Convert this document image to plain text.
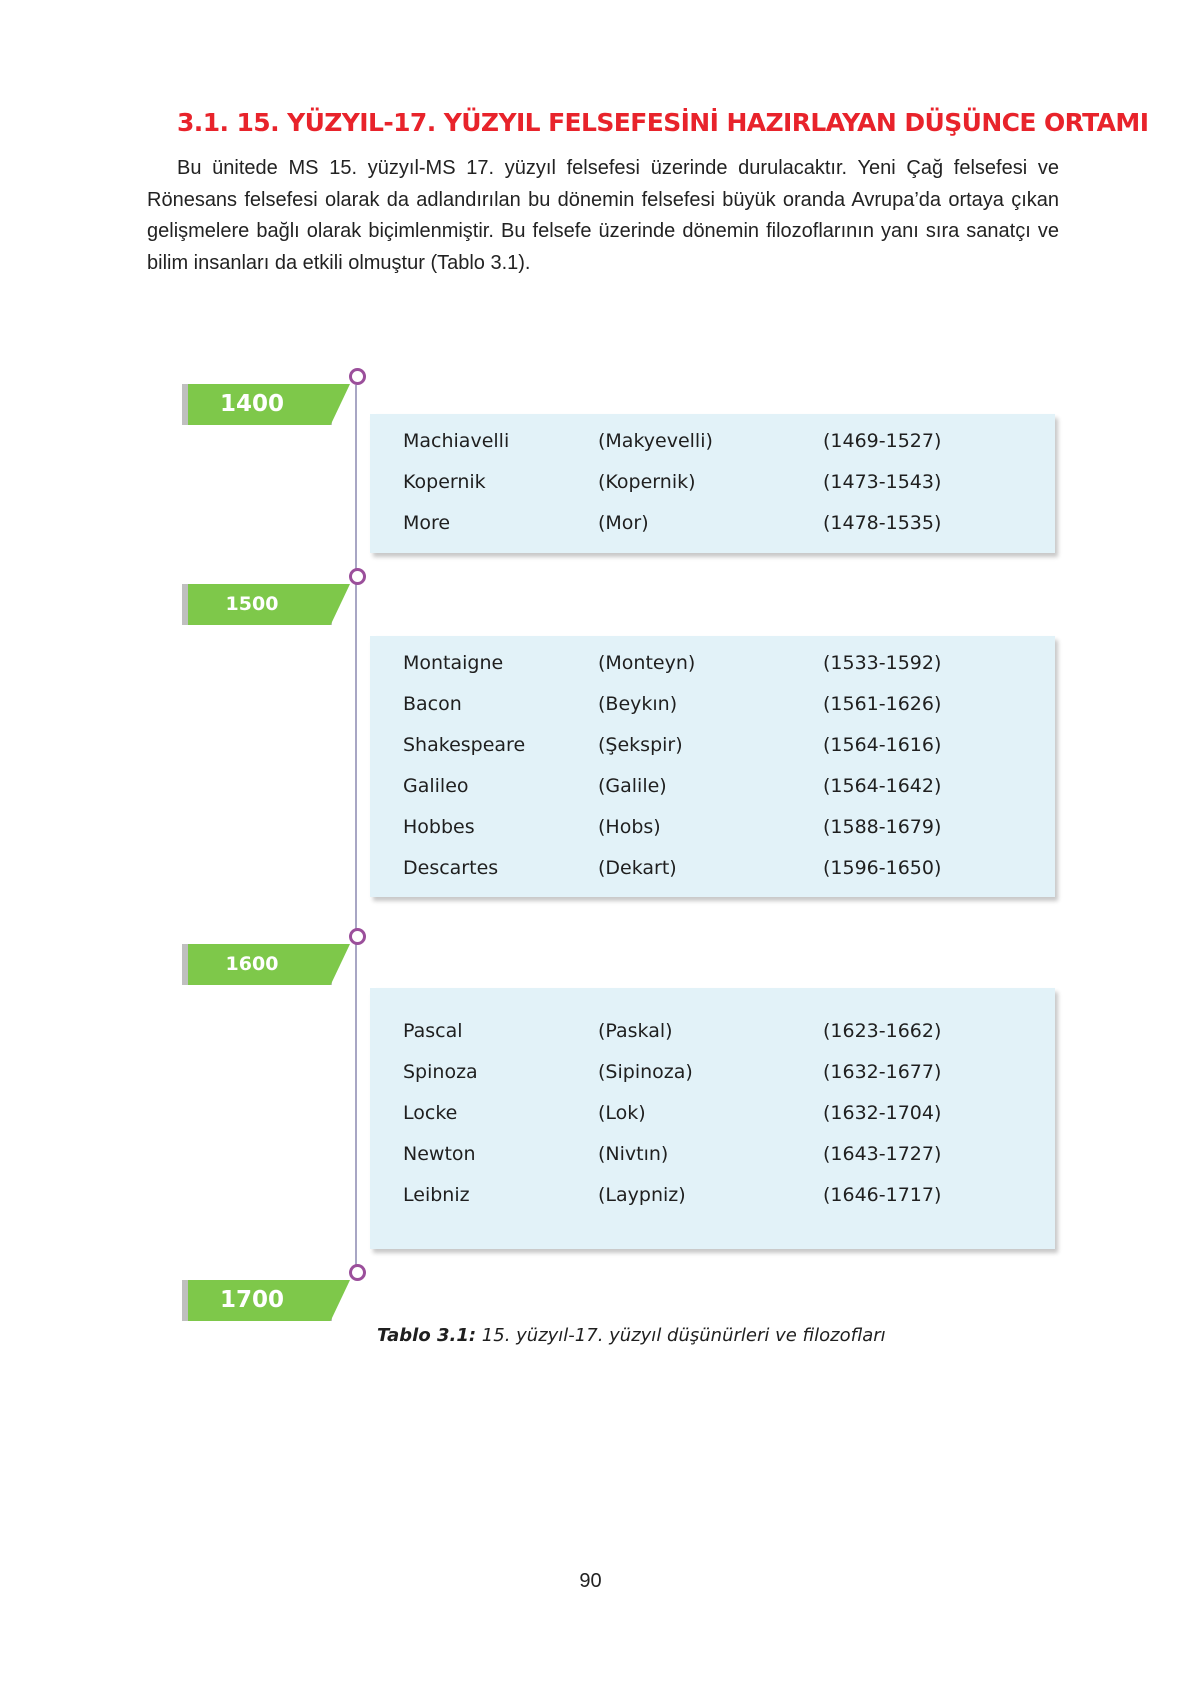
3.1. 15. YÜZYIL-17. YÜZYIL FELSEFESİNİ HAZIRLAYAN DÜŞÜNCE ORTAMI

Bu ünitede MS 15. yüzyıl-MS 17. yüzyıl felsefesi üzerinde durulacaktır. Yeni Çağ felsefesi ve Rönesans felsefesi olarak da adlandırılan bu dönemin felsefesi büyük oranda Avrupa’da ortaya çıkan gelişmelere bağlı olarak biçimlenmiştir. Bu felsefe üzerinde dönemin filozoflarının yanı sıra sanatçı ve bilim insanları da etkili olmuştur (Tablo 3.1).

1400
1500
1600
1700
Machiavelli	(Makyevelli)	(1469-1527)
Kopernik	(Kopernik)	(1473-1543)
More	(Mor)	(1478-1535)
Montaigne	(Monteyn)	(1533-1592)
Bacon	(Beykın)	(1561-1626)
Shakespeare	(Şekspir)	(1564-1616)
Galileo	(Galile)	(1564-1642)
Hobbes	(Hobs)	(1588-1679)
Descartes	(Dekart)	(1596-1650)
Pascal	(Paskal)	(1623-1662)
Spinoza	(Sipinoza)	(1632-1677)
Locke	(Lok)	(1632-1704)
Newton	(Nivtın)	(1643-1727)
Leibniz	(Laypniz)	(1646-1717)

Tablo 3.1: 15. yüzyıl-17. yüzyıl düşünürleri ve filozofları

90
